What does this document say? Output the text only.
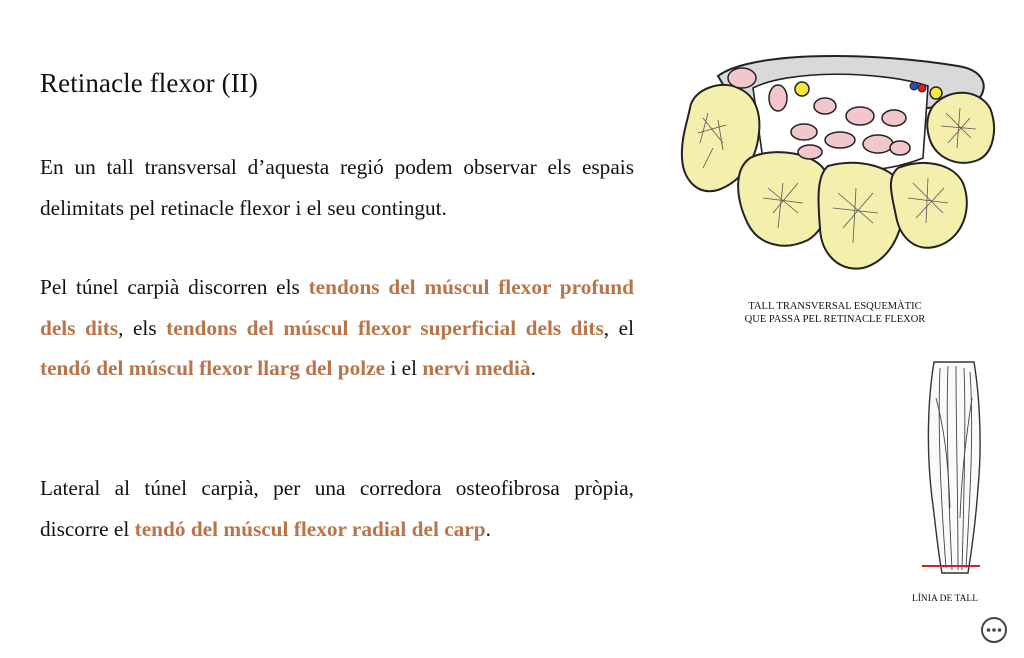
Retinacle flexor (II)

En un tall transversal d’aquesta regió podem observar els espais delimitats pel retinacle flexor i el seu contingut.

Pel túnel carpià discorren els tendons del múscul flexor profund dels dits, els tendons del múscul flexor superficial dels dits, el tendó del múscul flexor llarg del polze i el nervi medià.

Lateral al túnel carpià, per una corredora osteofibrosa pròpia, discorre el tendó del múscul flexor radial del carp.

TALL TRANSVERSAL ESQUEMÀTIC
QUE PASSA PEL RETINACLE FLEXOR
LÍNIA DE TALL
